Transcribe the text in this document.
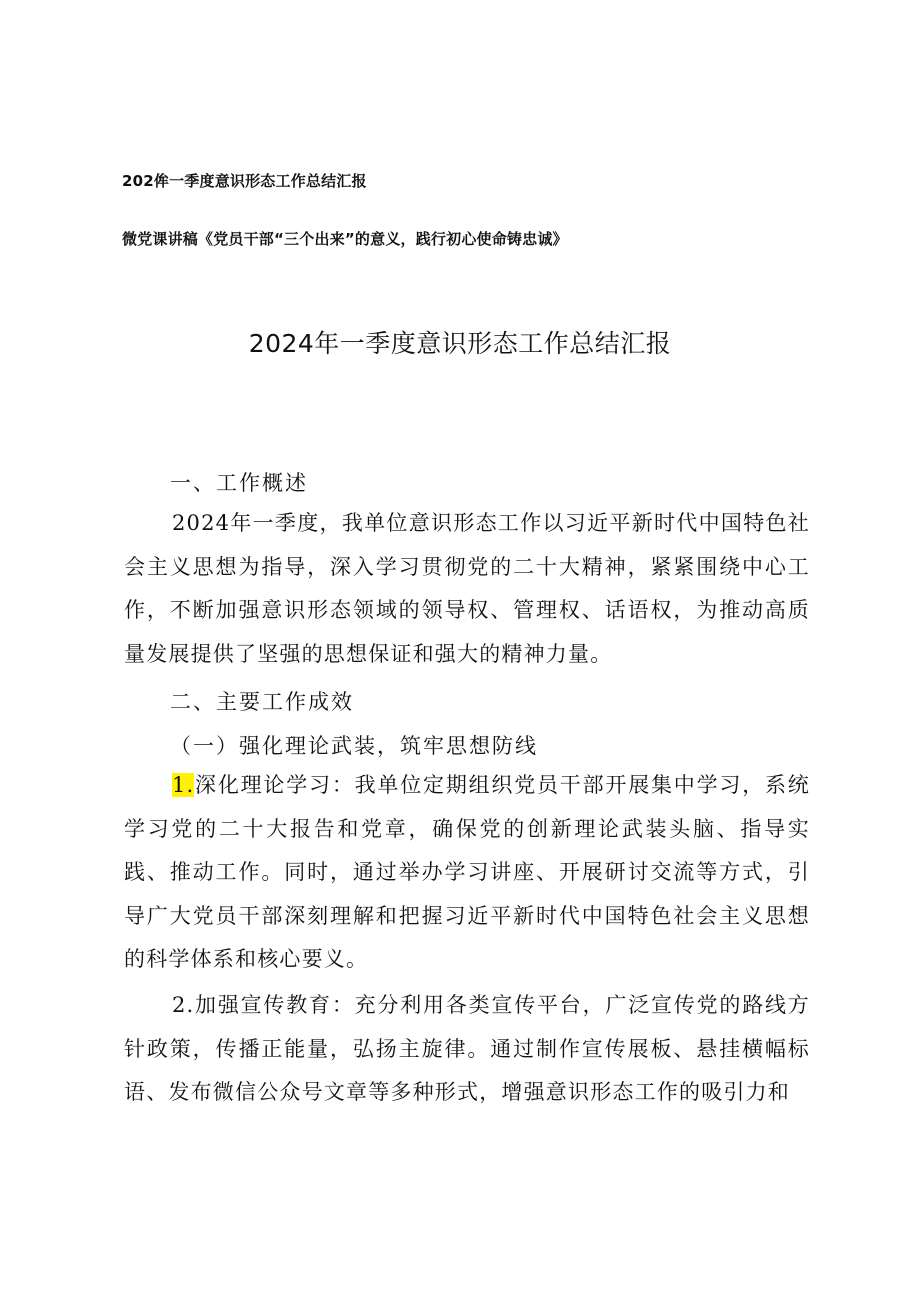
202侔一季度意识形态工作总结汇报
微党课讲稿《党员干部“三个出来”的意义，践行初心使命铸忠诚》
2024年一季度意识形态工作总结汇报
一、工作概述

2024年一季度，我单位意识形态工作以习近平新时代中国特色社会主义思想为指导，深入学习贯彻党的二十大精神，紧紧围绕中心工作，不断加强意识形态领域的领导权、管理权、话语权，为推动高质量发展提供了坚强的思想保证和强大的精神力量。

二、主要工作成效
（一）强化理论武装，筑牢思想防线

1.深化理论学习：我单位定期组织党员干部开展集中学习，系统学习党的二十大报告和党章，确保党的创新理论武装头脑、指导实践、推动工作。同时，通过举办学习讲座、开展研讨交流等方式，引导广大党员干部深刻理解和把握习近平新时代中国特色社会主义思想的科学体系和核心要义。

2.加强宣传教育：充分利用各类宣传平台，广泛宣传党的路线方针政策，传播正能量，弘扬主旋律。通过制作宣传展板、悬挂横幅标语、发布微信公众号文章等多种形式，增强意识形态工作的吸引力和
